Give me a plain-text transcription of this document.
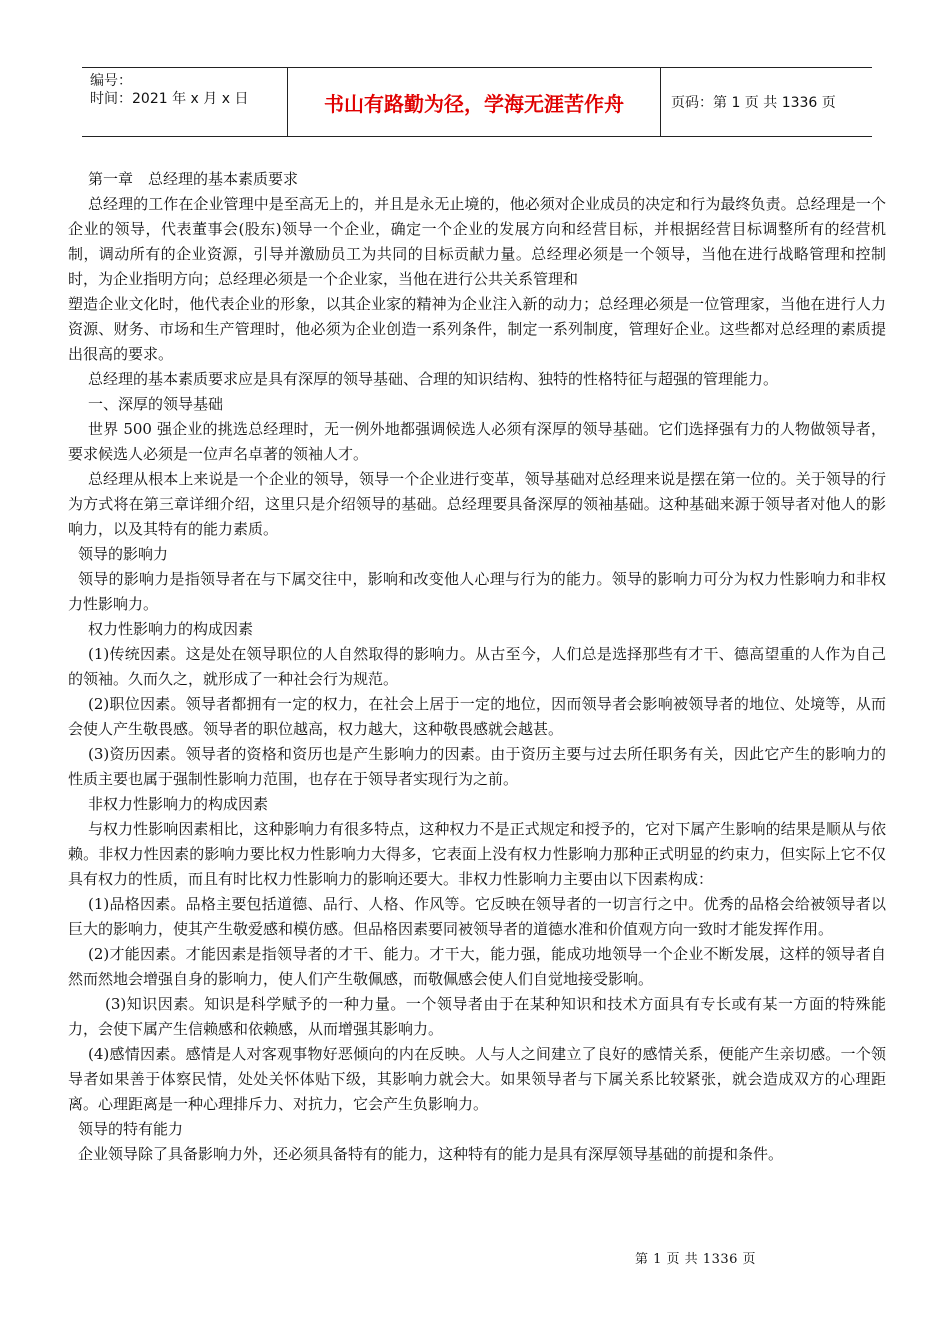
编号：
时间：2021 年 x 月 x 日	书山有路勤为径，学海无涯苦作舟	页码：第 1 页 共 1336 页

第一章　总经理的基本素质要求

总经理的工作在企业管理中是至高无上的，并且是永无止境的，他必须对企业成员的决定和行为最终负责。总经理是一个企业的领导，代表董事会(股东)领导一个企业，确定一个企业的发展方向和经营目标，并根据经营目标调整所有的经营机制，调动所有的企业资源，引导并激励员工为共同的目标贡献力量。总经理必须是一个领导，当他在进行战略管理和控制时，为企业指明方向；总经理必须是一个企业家，当他在进行公共关系管理和

塑造企业文化时，他代表企业的形象，以其企业家的精神为企业注入新的动力；总经理必须是一位管理家，当他在进行人力资源、财务、市场和生产管理时，他必须为企业创造一系列条件，制定一系列制度，管理好企业。这些都对总经理的素质提出很高的要求。

总经理的基本素质要求应是具有深厚的领导基础、合理的知识结构、独特的性格特征与超强的管理能力。

一、深厚的领导基础

世界 500 强企业的挑选总经理时，无一例外地都强调候选人必须有深厚的领导基础。它们选择强有力的人物做领导者，要求候选人必须是一位声名卓著的领袖人才。

总经理从根本上来说是一个企业的领导，领导一个企业进行变革，领导基础对总经理来说是摆在第一位的。关于领导的行为方式将在第三章详细介绍，这里只是介绍领导的基础。总经理要具备深厚的领袖基础。这种基础来源于领导者对他人的影响力，以及其特有的能力素质。

领导的影响力

领导的影响力是指领导者在与下属交往中，影响和改变他人心理与行为的能力。领导的影响力可分为权力性影响力和非权力性影响力。

权力性影响力的构成因素

(1)传统因素。这是处在领导职位的人自然取得的影响力。从古至今，人们总是选择那些有才干、德高望重的人作为自己的领袖。久而久之，就形成了一种社会行为规范。

(2)职位因素。领导者都拥有一定的权力，在社会上居于一定的地位，因而领导者会影响被领导者的地位、处境等，从而会使人产生敬畏感。领导者的职位越高，权力越大，这种敬畏感就会越甚。

(3)资历因素。领导者的资格和资历也是产生影响力的因素。由于资历主要与过去所任职务有关，因此它产生的影响力的性质主要也属于强制性影响力范围，也存在于领导者实现行为之前。

非权力性影响力的构成因素

与权力性影响因素相比，这种影响力有很多特点，这种权力不是正式规定和授予的，它对下属产生影响的结果是顺从与依赖。非权力性因素的影响力要比权力性影响力大得多，它表面上没有权力性影响力那种正式明显的约束力，但实际上它不仅具有权力的性质，而且有时比权力性影响力的影响还要大。非权力性影响力主要由以下因素构成：

(1)品格因素。品格主要包括道德、品行、人格、作风等。它反映在领导者的一切言行之中。优秀的品格会给被领导者以巨大的影响力，使其产生敬爱感和模仿感。但品格因素要同被领导者的道德水准和价值观方向一致时才能发挥作用。

(2)才能因素。才能因素是指领导者的才干、能力。才干大，能力强，能成功地领导一个企业不断发展，这样的领导者自然而然地会增强自身的影响力，使人们产生敬佩感，而敬佩感会使人们自觉地接受影响。

(3)知识因素。知识是科学赋予的一种力量。一个领导者由于在某种知识和技术方面具有专长或有某一方面的特殊能力，会使下属产生信赖感和依赖感，从而增强其影响力。

(4)感情因素。感情是人对客观事物好恶倾向的内在反映。人与人之间建立了良好的感情关系，便能产生亲切感。一个领导者如果善于体察民情，处处关怀体贴下级，其影响力就会大。如果领导者与下属关系比较紧张，就会造成双方的心理距离。心理距离是一种心理排斥力、对抗力，它会产生负影响力。

领导的特有能力

企业领导除了具备影响力外，还必须具备特有的能力，这种特有的能力是具有深厚领导基础的前提和条件。

第 1 页 共 1336 页
